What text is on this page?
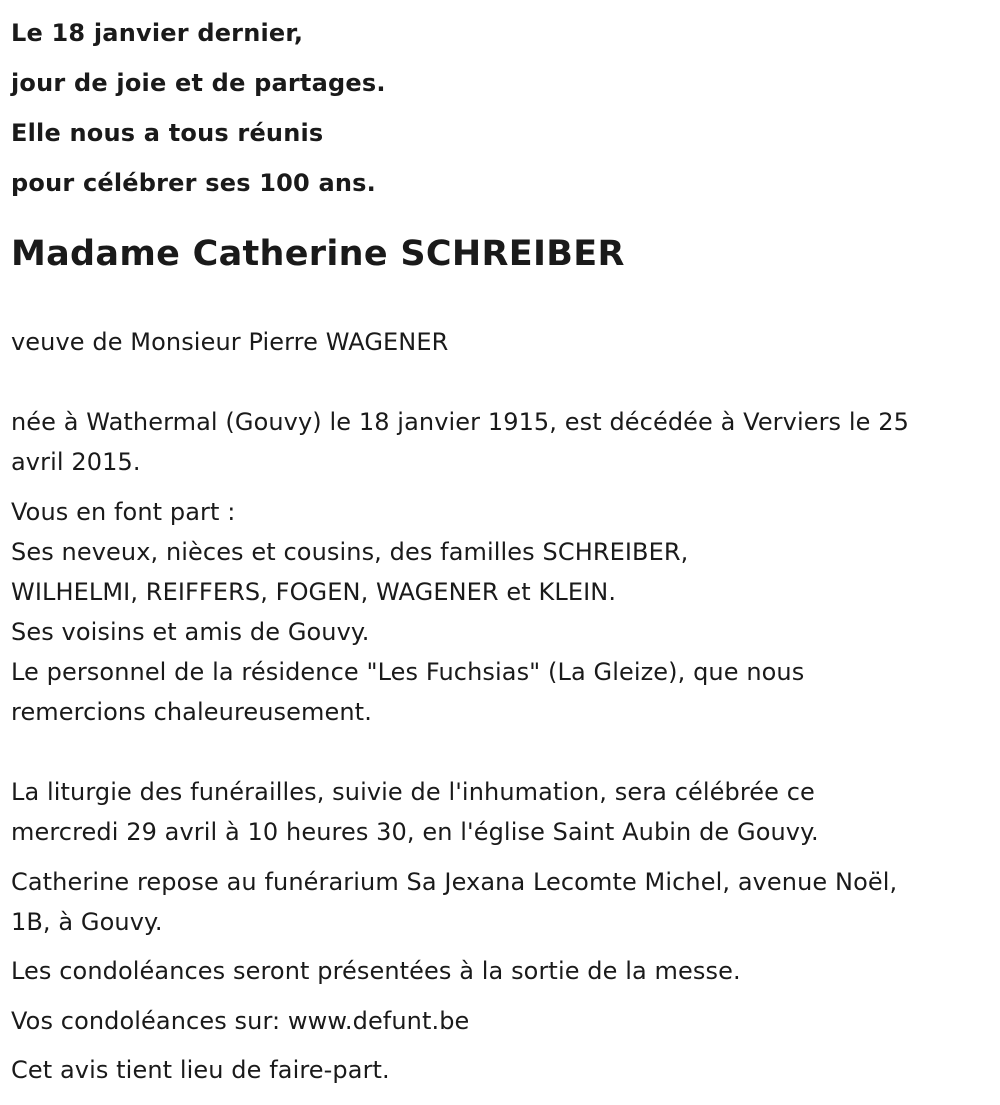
Le 18 janvier dernier,
jour de joie et de partages.
Elle nous a tous réunis
pour célébrer ses 100 ans.
Madame Catherine SCHREIBER
veuve de Monsieur Pierre WAGENER
née à Wathermal (Gouvy) le 18 janvier 1915, est décédée à Verviers le 25
avril 2015.
Vous en font part :
Ses neveux, nièces et cousins, des familles SCHREIBER,
WILHELMI, REIFFERS, FOGEN, WAGENER et KLEIN.
Ses voisins et amis de Gouvy.
Le personnel de la résidence "Les Fuchsias" (La Gleize), que nous
remercions chaleureusement.
La liturgie des funérailles, suivie de l'inhumation, sera célébrée ce
mercredi 29 avril à 10 heures 30, en l'église Saint Aubin de Gouvy.
Catherine repose au funérarium Sa Jexana Lecomte Michel, avenue Noël,
1B, à Gouvy.
Les condoléances seront présentées à la sortie de la messe.
Vos condoléances sur: www.defunt.be
Cet avis tient lieu de faire-part.
